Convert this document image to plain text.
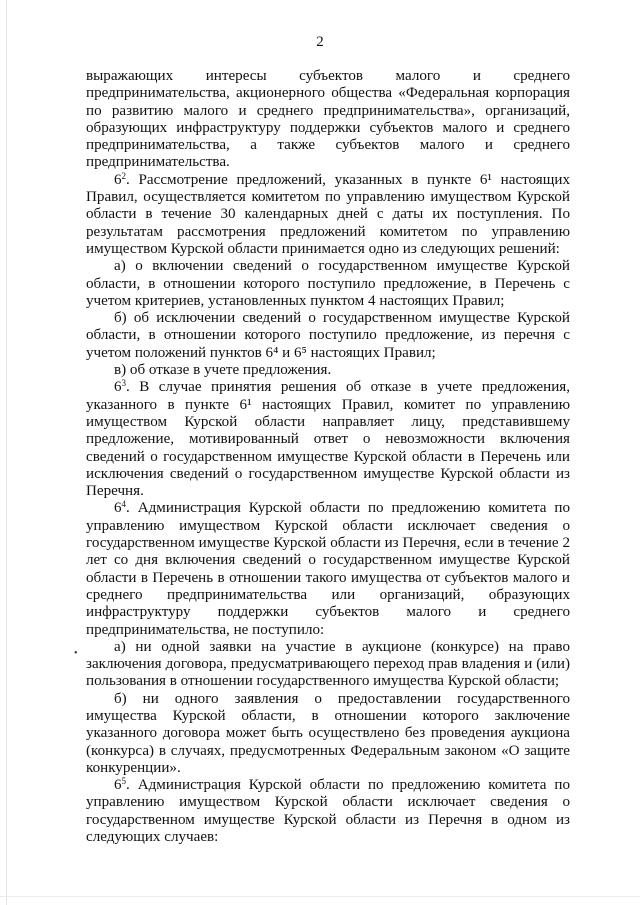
2

выражающих интересы субъектов малого и среднего предпринимательства, акционерного общества «Федеральная корпорация по развитию малого и среднего предпринимательства», организаций, образующих инфраструктуру поддержки субъектов малого и среднего предпринимательства, а также субъектов малого и среднего предпринимательства.

$6^2$. Рассмотрение предложений, указанных в пункте 6¹ настоящих Правил, осуществляется комитетом по управлению имуществом Курской области в течение 30 календарных дней с даты их поступления. По результатам рассмотрения предложений комитетом по управлению имуществом Курской области принимается одно из следующих решений:

а) о включении сведений о государственном имуществе Курской области, в отношении которого поступило предложение, в Перечень с учетом критериев, установленных пунктом 4 настоящих Правил;

б) об исключении сведений о государственном имуществе Курской области, в отношении которого поступило предложение, из перечня с учетом положений пунктов 6⁴ и 6⁵ настоящих Правил;

в) об отказе в учете предложения.

$6^3$. В случае принятия решения об отказе в учете предложения, указанного в пункте 6¹ настоящих Правил, комитет по управлению имуществом Курской области направляет лицу, представившему предложение, мотивированный ответ о невозможности включения сведений о государственном имуществе Курской области в Перечень или исключения сведений о государственном имуществе Курской области из Перечня.

$6^4$. Администрация Курской области по предложению комитета по управлению имуществом Курской области исключает сведения о государственном имуществе Курской области из Перечня, если в течение 2 лет со дня включения сведений о государственном имуществе Курской области в Перечень в отношении такого имущества от субъектов малого и среднего предпринимательства или организаций, образующих инфраструктуру поддержки субъектов малого и среднего предпринимательства, не поступило:

а) ни одной заявки на участие в аукционе (конкурсе) на право заключения договора, предусматривающего переход прав владения и (или) пользования в отношении государственного имущества Курской области;

б) ни одного заявления о предоставлении государственного имущества Курской области, в отношении которого заключение указанного договора может быть осуществлено без проведения аукциона (конкурса) в случаях, предусмотренных Федеральным законом «О защите конкуренции».

$6^5$. Администрация Курской области по предложению комитета по управлению имуществом Курской области исключает сведения о государственном имуществе Курской области из Перечня в одном из следующих случаев:

•
